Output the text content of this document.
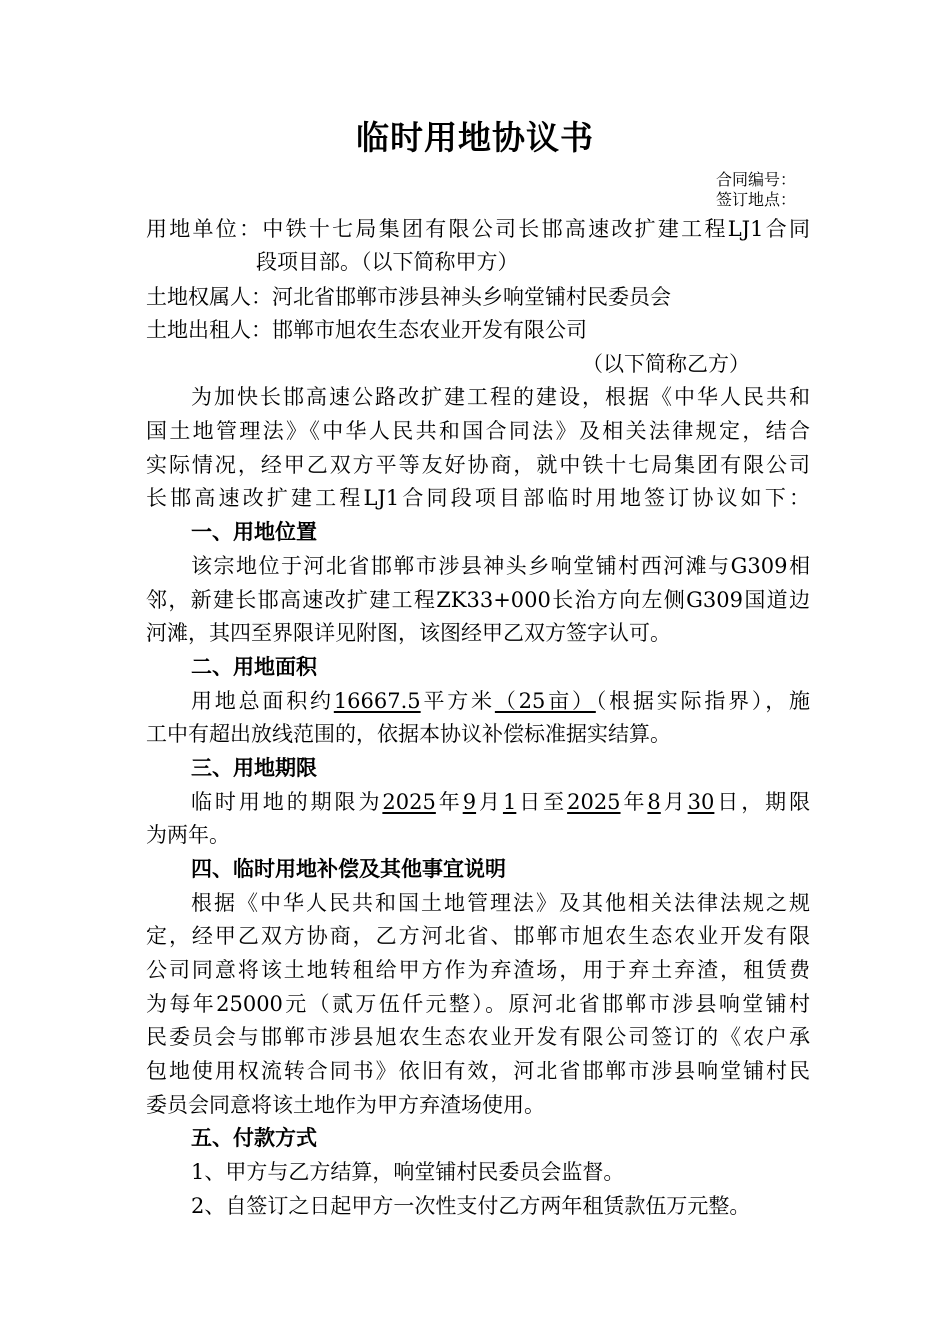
临时用地协议书
合同编号：
签订地点：
用地单位：中铁十七局集团有限公司长邯高速改扩建工程LJ1合同
段项目部。（以下简称甲方）
土地权属人：河北省邯郸市涉县神头乡响堂铺村民委员会
土地出租人：邯郸市旭农生态农业开发有限公司
（以下简称乙方）
为加快长邯高速公路改扩建工程的建设，根据《中华人民共和
国土地管理法》《中华人民共和国合同法》及相关法律规定，结合
实际情况，经甲乙双方平等友好协商，就中铁十七局集团有限公司
长邯高速改扩建工程LJ1合同段项目部临时用地签订协议如下：
一、用地位置
该宗地位于河北省邯郸市涉县神头乡响堂铺村西河滩与G309相
邻，新建长邯高速改扩建工程ZK33+000长治方向左侧G309国道边
河滩，其四至界限详见附图，该图经甲乙双方签字认可。
二、用地面积
用地总面积约16667.5平方米（25亩）（根据实际指界），施
工中有超出放线范围的，依据本协议补偿标准据实结算。
三、用地期限
临时用地的期限为2025年9月1日至2025年8月30日，期限
为两年。
四、临时用地补偿及其他事宜说明
根据《中华人民共和国土地管理法》及其他相关法律法规之规
定，经甲乙双方协商，乙方河北省、邯郸市旭农生态农业开发有限
公司同意将该土地转租给甲方作为弃渣场，用于弃土弃渣，租赁费
为每年25000元（贰万伍仟元整）。原河北省邯郸市涉县响堂铺村
民委员会与邯郸市涉县旭农生态农业开发有限公司签订的《农户承
包地使用权流转合同书》依旧有效，河北省邯郸市涉县响堂铺村民
委员会同意将该土地作为甲方弃渣场使用。
五、付款方式
1、甲方与乙方结算，响堂铺村民委员会监督。
2、自签订之日起甲方一次性支付乙方两年租赁款伍万元整。
